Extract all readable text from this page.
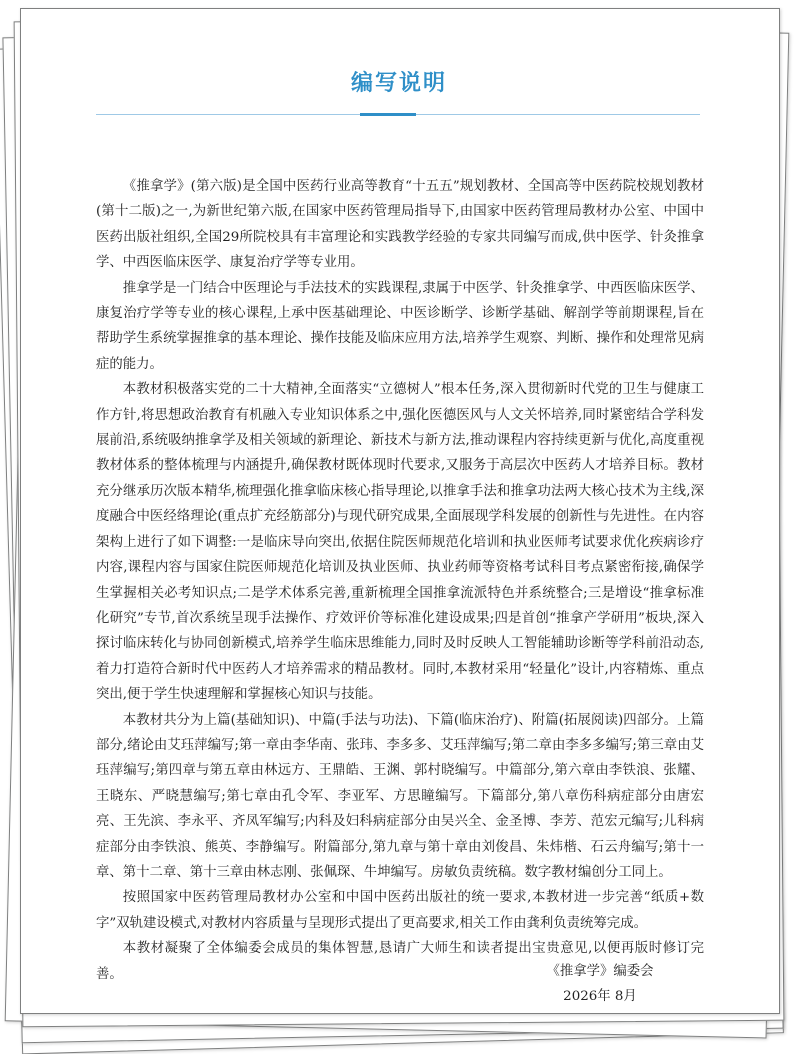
编写说明

《推拿学》(第六版)是全国中医药行业高等教育“十五五”规划教材、全国高等中医药院校规划教材(第十二版)之一,为新世纪第六版,在国家中医药管理局指导下,由国家中医药管理局教材办公室、中国中医药出版社组织,全国29所院校具有丰富理论和实践教学经验的专家共同编写而成,供中医学、针灸推拿学、中西医临床医学、康复治疗学等专业用。

推拿学是一门结合中医理论与手法技术的实践课程,隶属于中医学、针灸推拿学、中西医临床医学、康复治疗学等专业的核心课程,上承中医基础理论、中医诊断学、诊断学基础、解剖学等前期课程,旨在帮助学生系统掌握推拿的基本理论、操作技能及临床应用方法,培养学生观察、判断、操作和处理常见病症的能力。

本教材积极落实党的二十大精神,全面落实“立德树人”根本任务,深入贯彻新时代党的卫生与健康工作方针,将思想政治教育有机融入专业知识体系之中,强化医德医风与人文关怀培养,同时紧密结合学科发展前沿,系统吸纳推拿学及相关领域的新理论、新技术与新方法,推动课程内容持续更新与优化,高度重视教材体系的整体梳理与内涵提升,确保教材既体现时代要求,又服务于高层次中医药人才培养目标。教材充分继承历次版本精华,梳理强化推拿临床核心指导理论,以推拿手法和推拿功法两大核心技术为主线,深度融合中医经络理论(重点扩充经筋部分)与现代研究成果,全面展现学科发展的创新性与先进性。在内容架构上进行了如下调整:一是临床导向突出,依据住院医师规范化培训和执业医师考试要求优化疾病诊疗内容,课程内容与国家住院医师规范化培训及执业医师、执业药师等资格考试科目考点紧密衔接,确保学生掌握相关必考知识点;二是学术体系完善,重新梳理全国推拿流派特色并系统整合;三是增设“推拿标准化研究”专节,首次系统呈现手法操作、疗效评价等标准化建设成果;四是首创“推拿产学研用”板块,深入探讨临床转化与协同创新模式,培养学生临床思维能力,同时及时反映人工智能辅助诊断等学科前沿动态,着力打造符合新时代中医药人才培养需求的精品教材。同时,本教材采用“轻量化”设计,内容精炼、重点突出,便于学生快速理解和掌握核心知识与技能。

本教材共分为上篇(基础知识)、中篇(手法与功法)、下篇(临床治疗)、附篇(拓展阅读)四部分。上篇部分,绪论由艾珏萍编写;第一章由李华南、张玮、李多多、艾珏萍编写;第二章由李多多编写;第三章由艾珏萍编写;第四章与第五章由林远方、王鼎皓、王渊、郭村晓编写。中篇部分,第六章由李铁浪、张耀、王晓东、严晓慧编写;第七章由孔令军、李亚军、方思瞳编写。下篇部分,第八章伤科病症部分由唐宏亮、王先滨、李永平、齐凤军编写;内科及妇科病症部分由吴兴全、金圣博、李芳、范宏元编写;儿科病症部分由李铁浪、熊英、李静编写。附篇部分,第九章与第十章由刘俊昌、朱炜楷、石云舟编写;第十一章、第十二章、第十三章由林志刚、张佩琛、牛坤编写。房敏负责统稿。数字教材编创分工同上。

按照国家中医药管理局教材办公室和中国中医药出版社的统一要求,本教材进一步完善“纸质+数字”双轨建设模式,对教材内容质量与呈现形式提出了更高要求,相关工作由龚利负责统筹完成。

本教材凝聚了全体编委会成员的集体智慧,恳请广大师生和读者提出宝贵意见,以便再版时修订完善。	《推拿学》编委会
2026年 8月
